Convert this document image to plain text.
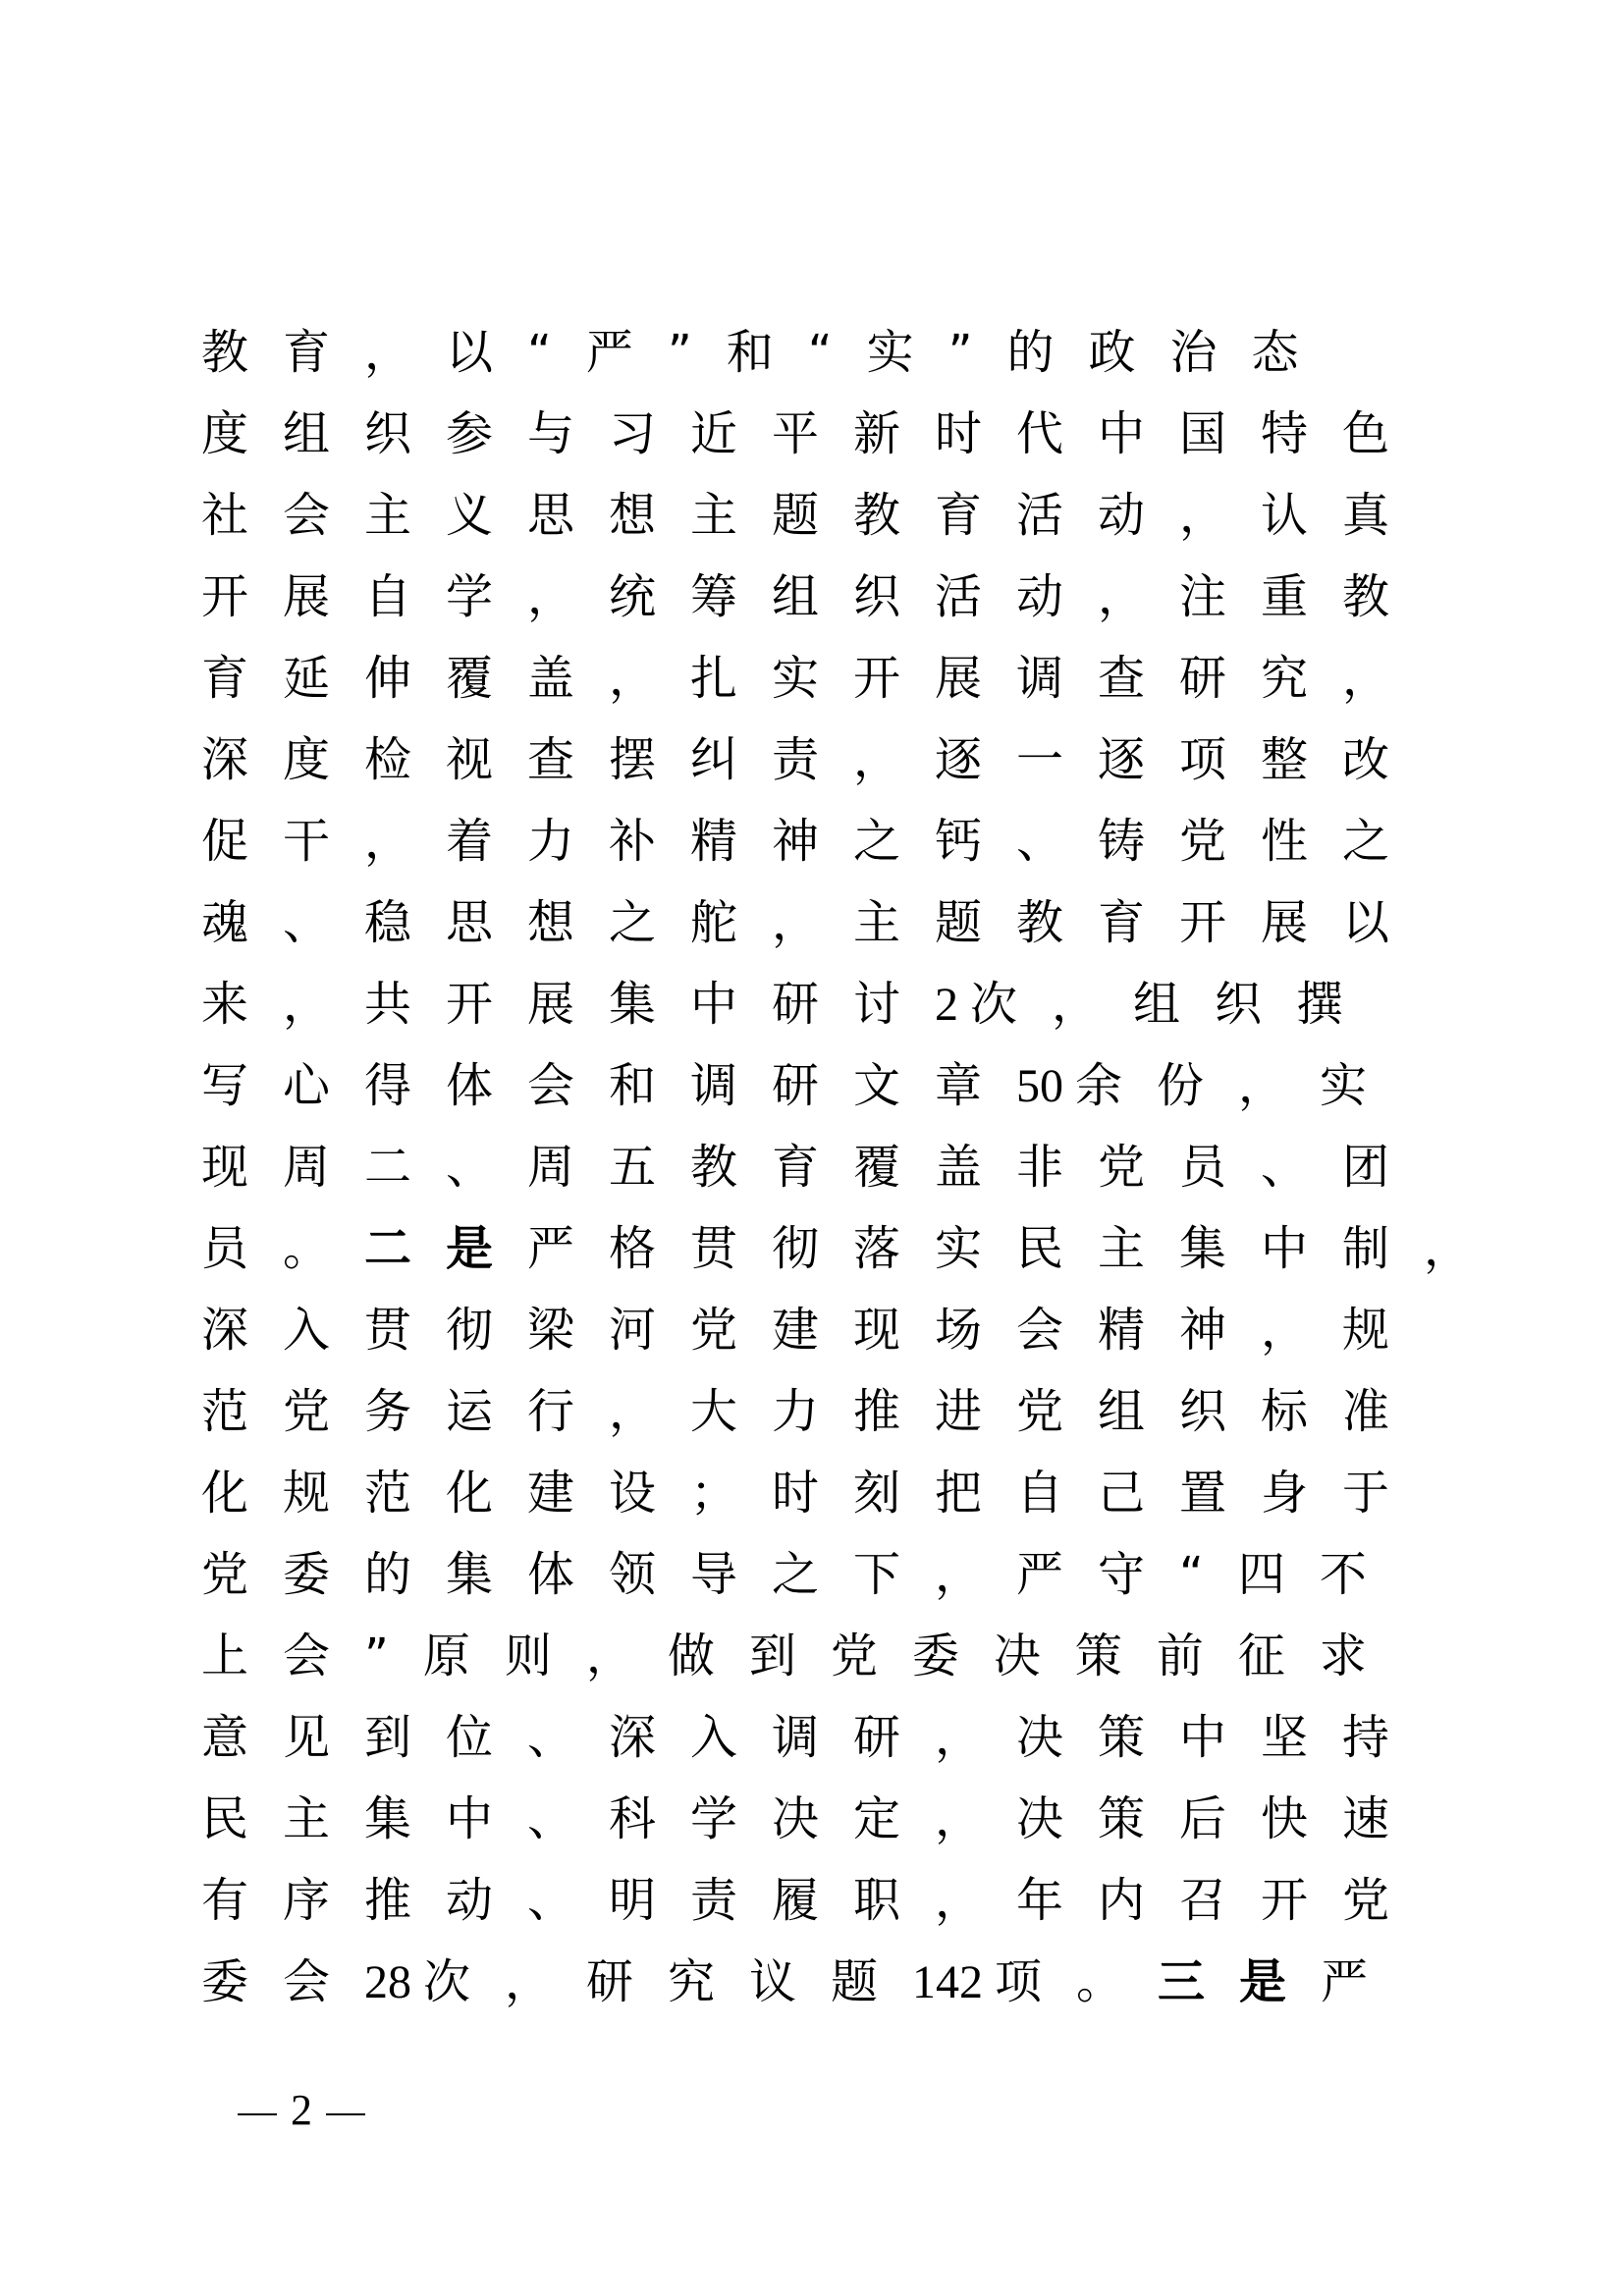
教育，以“严”和“实”的政治态
度组织参与习近平新时代中国特色
社会主义思想主题教育活动，认真
开展自学，统筹组织活动，注重教
育延伸覆盖，扎实开展调查研究，
深度检视查摆纠责，逐一逐项整改
促干，着力补精神之钙、铸党性之
魂、稳思想之舵，主题教育开展以
来，共开展集中研讨2 次，组织撰
写心得体会和调研文章50 余份，实
现周二、周五教育覆盖非党员、团
员。二是严格贯彻落实民主集中制，
深入贯彻梁河党建现场会精神，规
范党务运行，大力推进党组织标准
化规范化建设；时刻把自己置身于
党委的集体领导之下，严守“四不
上会”原则，做到党委决策前征求
意见到位、深入调研，决策中坚持
民主集中、科学决定，决策后快速
有序推动、明责履职，年内召开党
委会28 次，研究议题142 项。三是严
2
